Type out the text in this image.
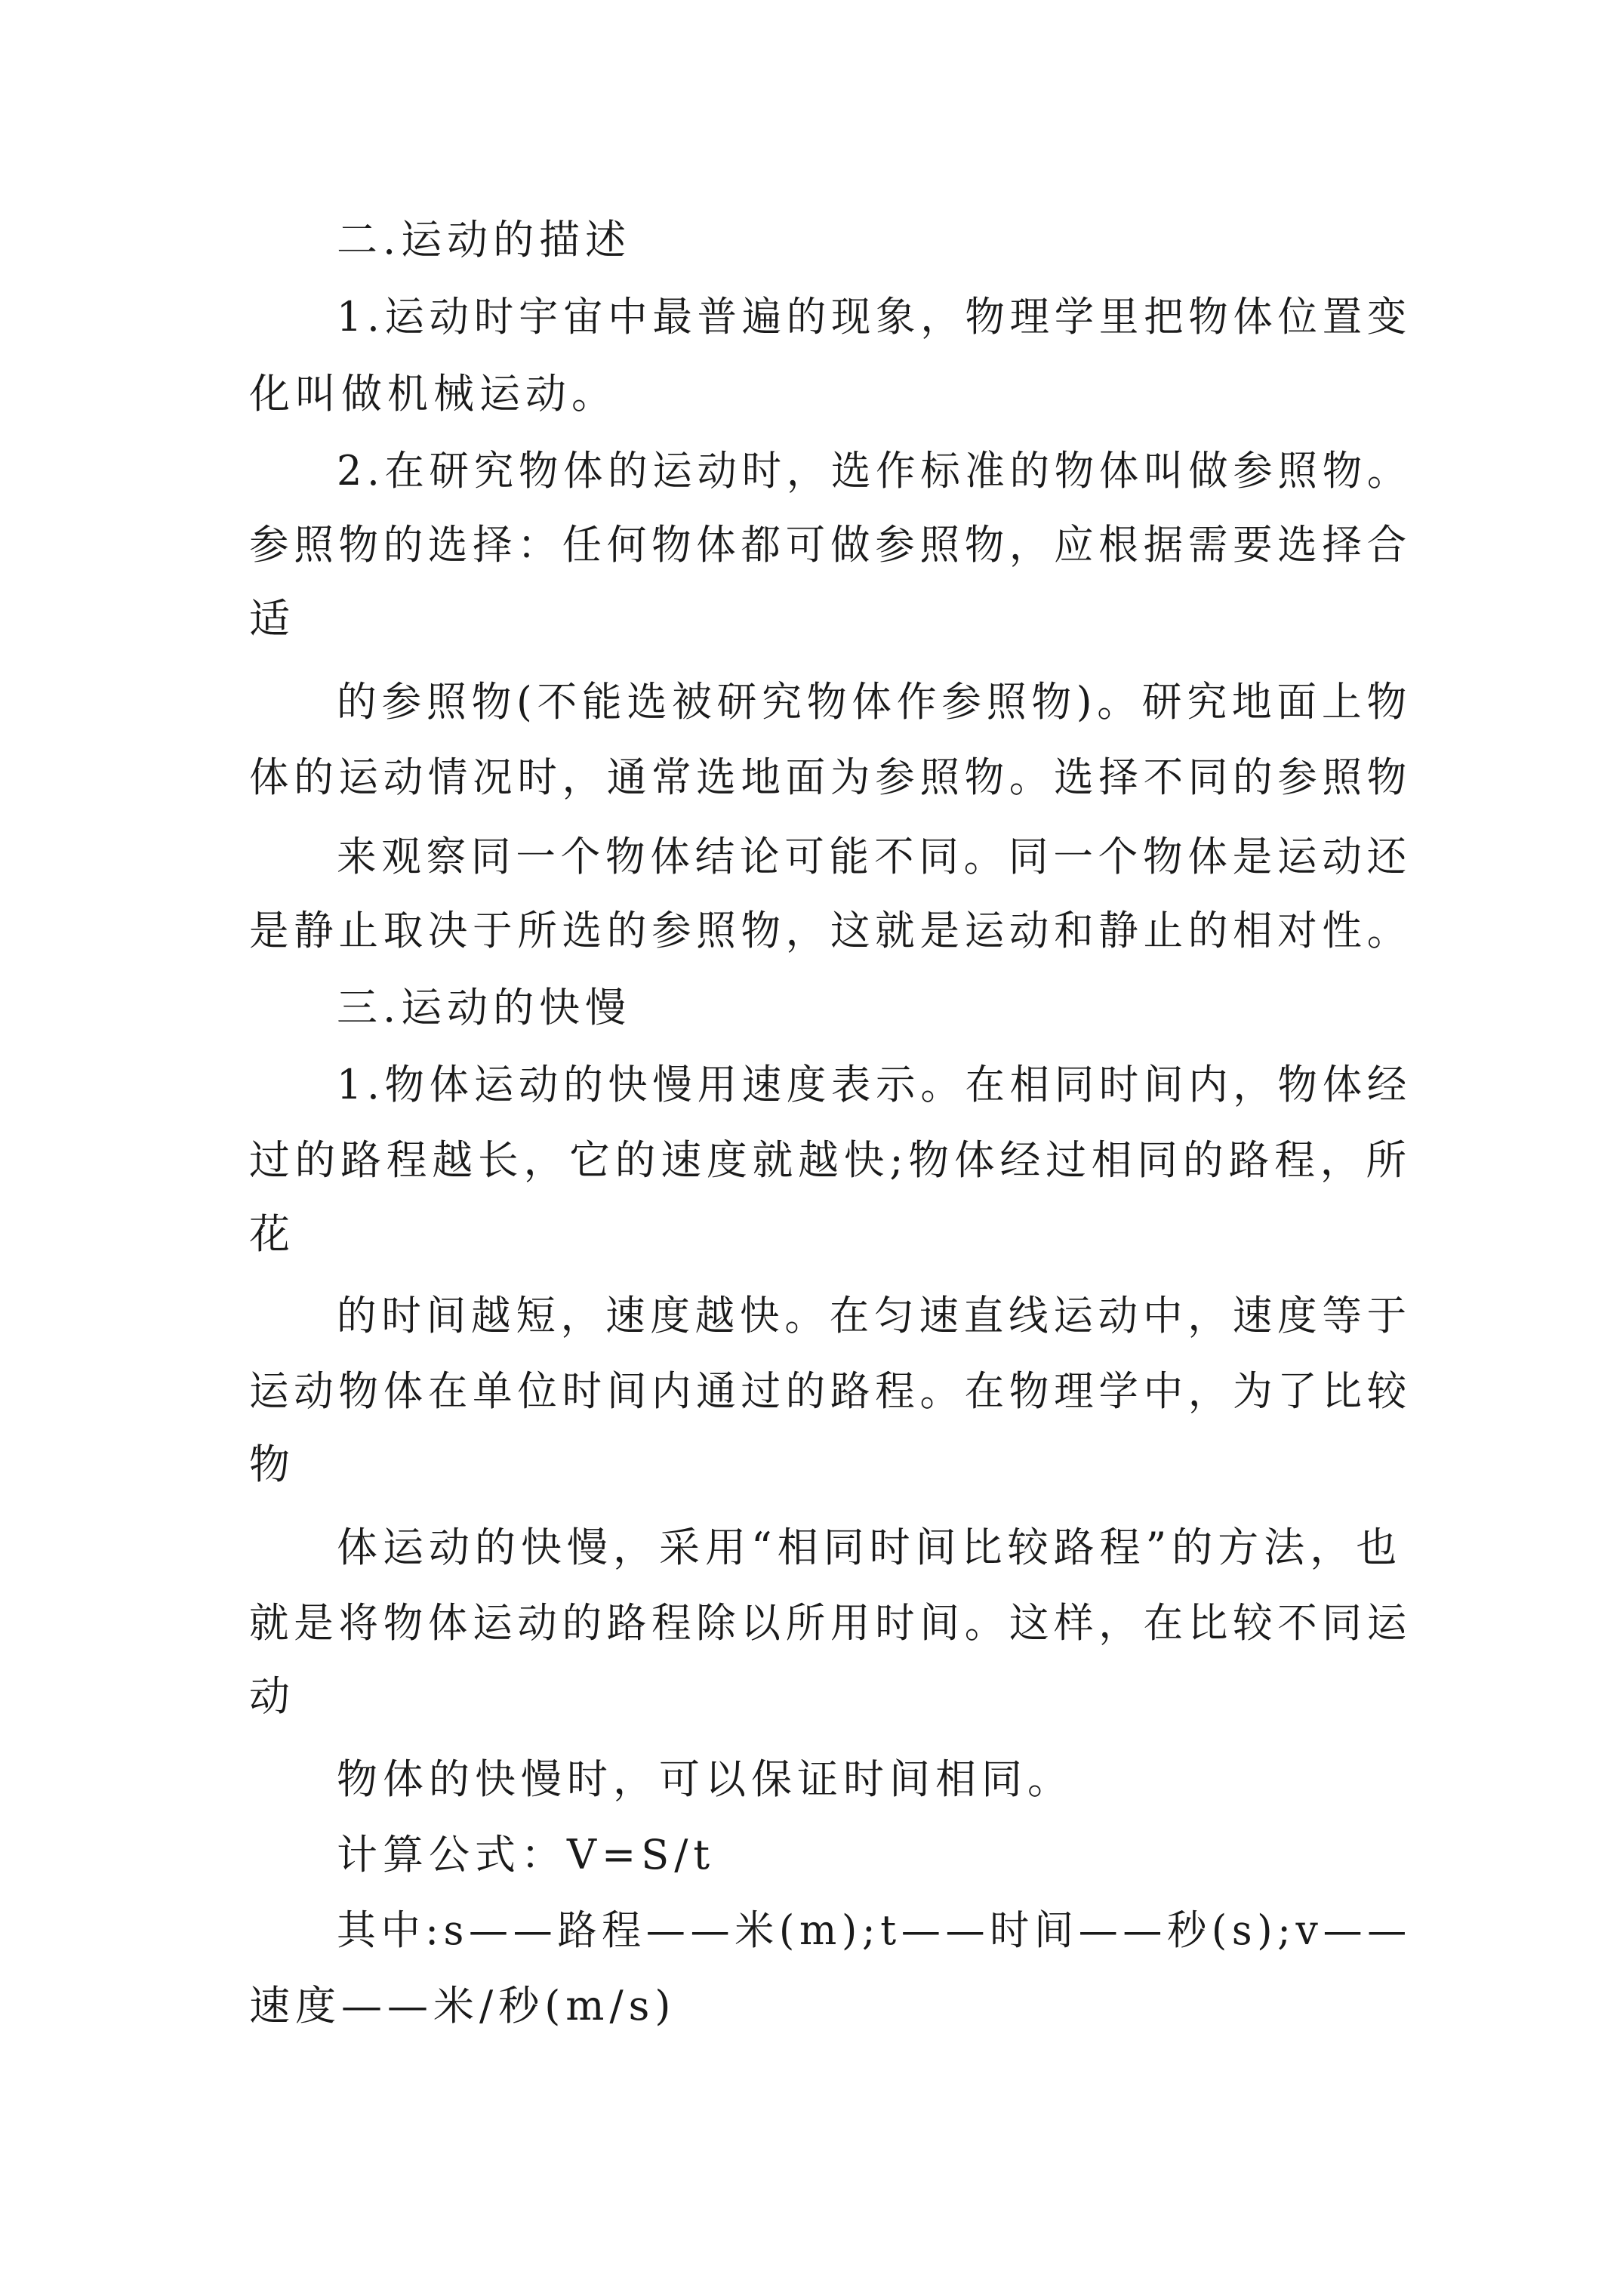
二.运动的描述
1.运动时宇宙中最普遍的现象，物理学里把物体位置变
化叫做机械运动。
2.在研究物体的运动时，选作标准的物体叫做参照物。
参照物的选择：任何物体都可做参照物，应根据需要选择合
适
的参照物(不能选被研究物体作参照物)。研究地面上物
体的运动情况时，通常选地面为参照物。选择不同的参照物
来观察同一个物体结论可能不同。同一个物体是运动还
是静止取决于所选的参照物，这就是运动和静止的相对性。
三.运动的快慢
1.物体运动的快慢用速度表示。在相同时间内，物体经
过的路程越长，它的速度就越快;物体经过相同的路程，所
花
的时间越短，速度越快。在匀速直线运动中，速度等于
运动物体在单位时间内通过的路程。在物理学中，为了比较
物
体运动的快慢，采用“相同时间比较路程”的方法，也
就是将物体运动的路程除以所用时间。这样，在比较不同运
动
物体的快慢时，可以保证时间相同。
计算公式：V=S/t
其中:s——路程——米(m);t——时间——秒(s);v——
速度——米/秒(m/s)
